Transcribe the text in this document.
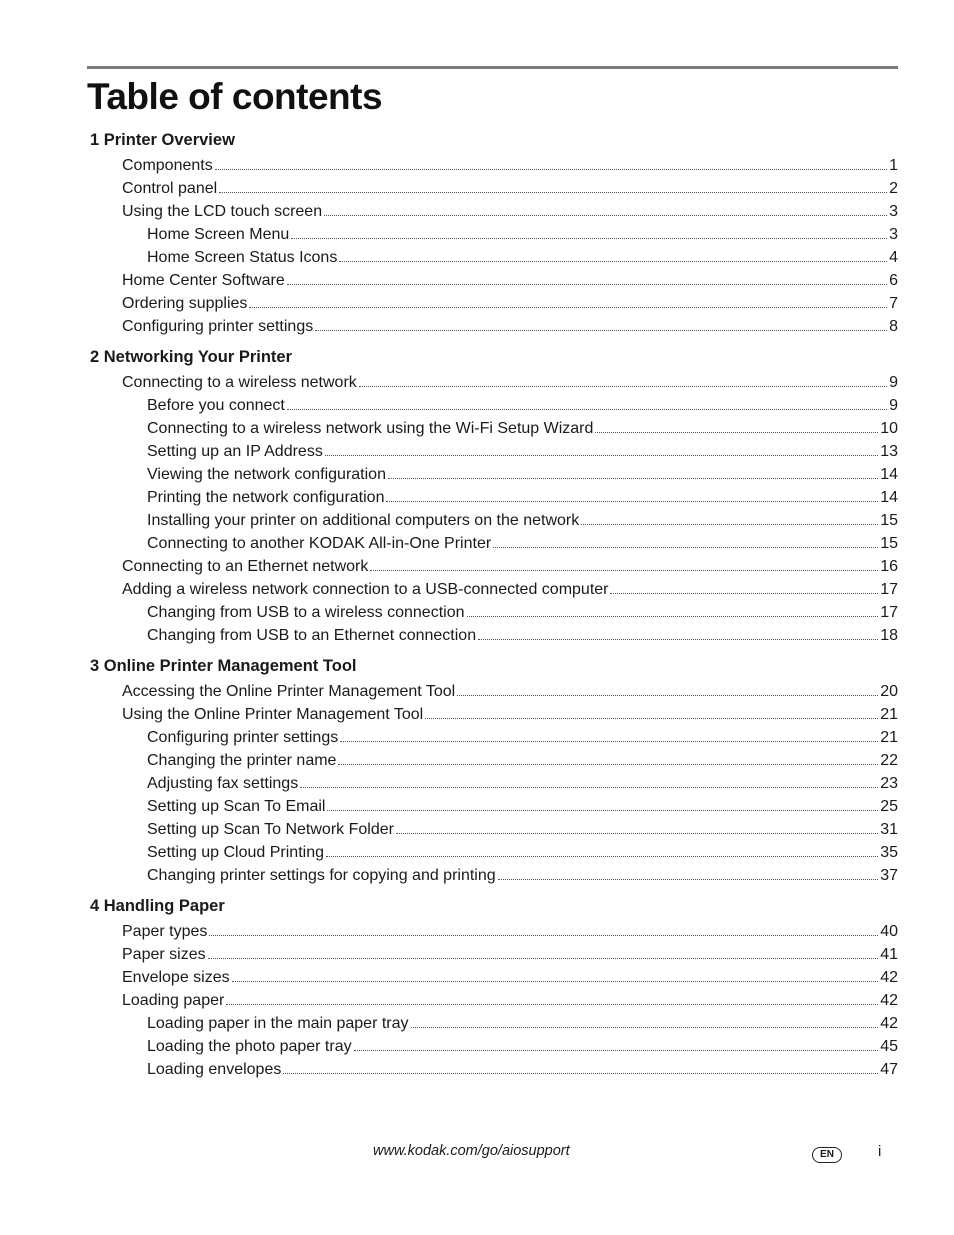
Table of contents
1 Printer Overview
Components	1
Control panel	2
Using the LCD touch screen	3
Home Screen Menu	3
Home Screen Status Icons	4
Home Center Software	6
Ordering supplies	7
Configuring printer settings	8
2 Networking Your Printer
Connecting to a wireless network	9
Before you connect	9
Connecting to a wireless network using the Wi-Fi Setup Wizard	10
Setting up an IP Address	13
Viewing the network configuration	14
Printing the network configuration	14
Installing your printer on additional computers on the network	15
Connecting to another KODAK All-in-One Printer	15
Connecting to an Ethernet network	16
Adding a wireless network connection to a USB-connected computer	17
Changing from USB to a wireless connection	17
Changing from USB to an Ethernet connection	18
3 Online Printer Management Tool
Accessing the Online Printer Management Tool	20
Using the Online Printer Management Tool	21
Configuring printer settings	21
Changing the printer name	22
Adjusting fax settings	23
Setting up Scan To Email	25
Setting up Scan To Network Folder	31
Setting up Cloud Printing	35
Changing printer settings for copying and printing	37
4 Handling Paper
Paper types	40
Paper sizes	41
Envelope sizes	42
Loading paper	42
Loading paper in the main paper tray	42
Loading the photo paper tray	45
Loading envelopes	47
www.kodak.com/go/aiosupport	EN	i
